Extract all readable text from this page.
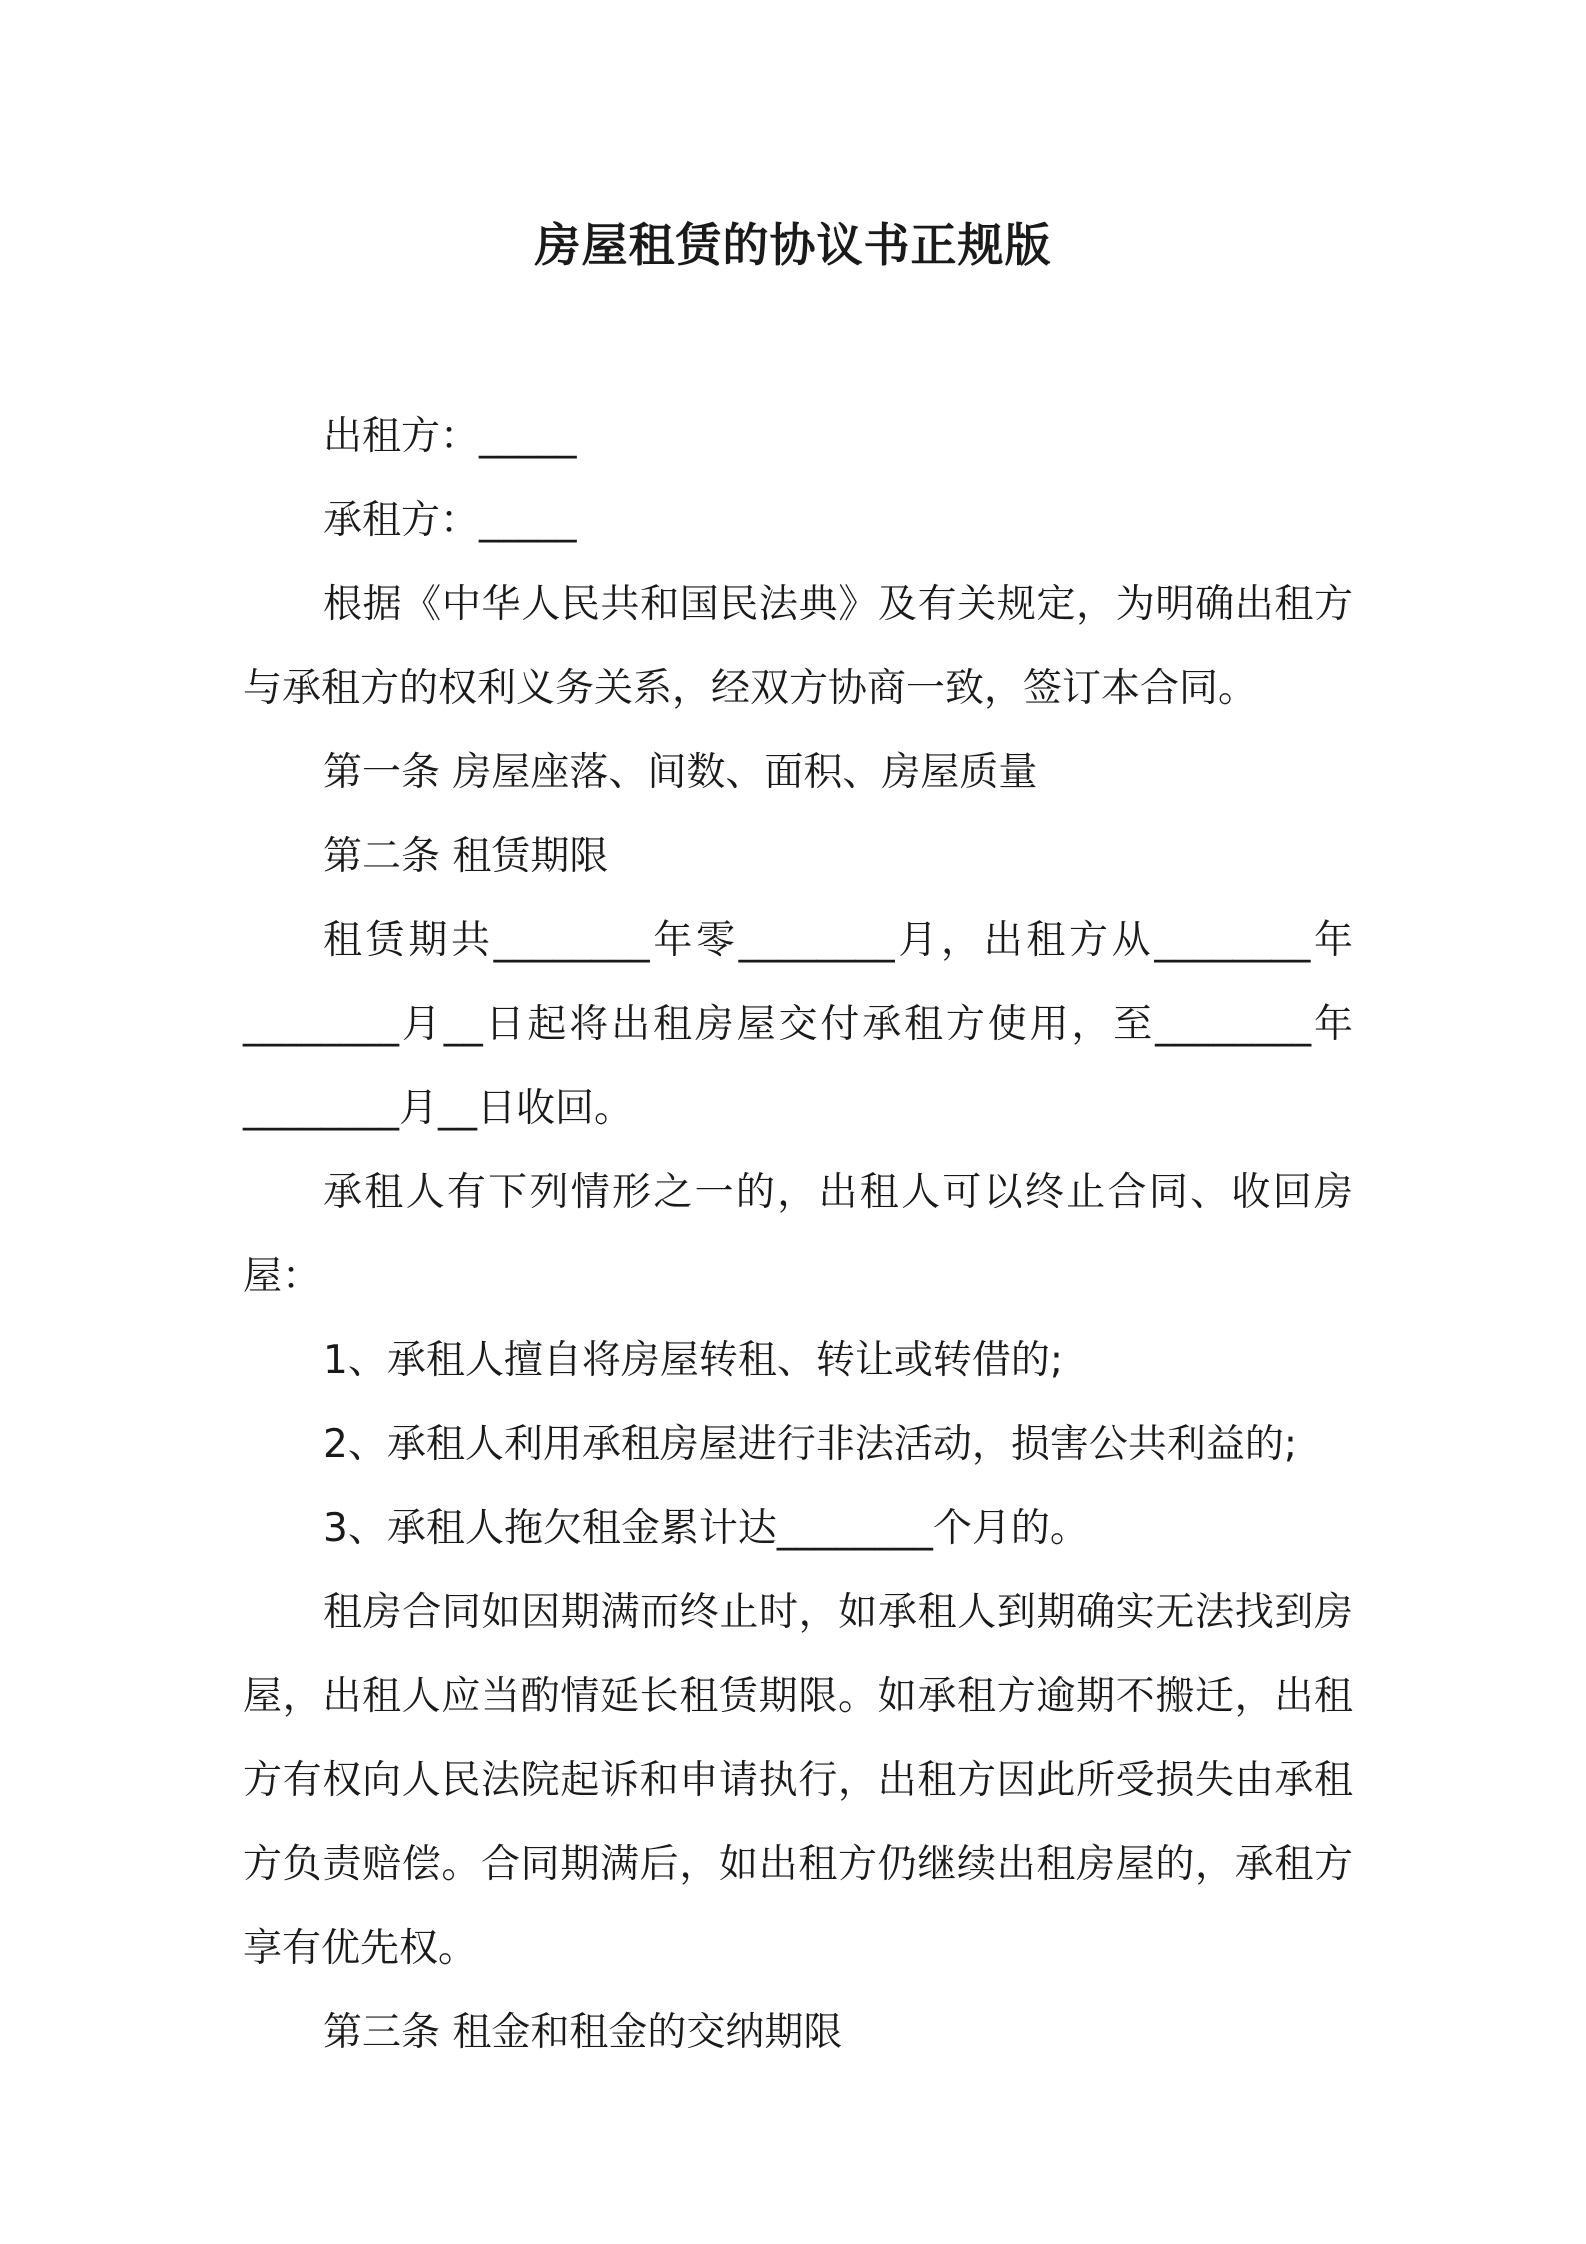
房屋租赁的协议书正规版

出租方：_____

承租方：_____

根据《中华人民共和国民法典》及有关规定，为明确出租方与承租方的权利义务关系，经双方协商一致，签订本合同。

第一条 房屋座落、间数、面积、房屋质量

第二条 租赁期限

租赁期共________年零________月，出租方从________年________月__日起将出租房屋交付承租方使用，至________年________月__日收回。

承租人有下列情形之一的，出租人可以终止合同、收回房屋：

1、承租人擅自将房屋转租、转让或转借的;

2、承租人利用承租房屋进行非法活动，损害公共利益的;

3、承租人拖欠租金累计达________个月的。

租房合同如因期满而终止时，如承租人到期确实无法找到房屋，出租人应当酌情延长租赁期限。如承租方逾期不搬迁，出租方有权向人民法院起诉和申请执行，出租方因此所受损失由承租方负责赔偿。合同期满后，如出租方仍继续出租房屋的，承租方享有优先权。

第三条 租金和租金的交纳期限
